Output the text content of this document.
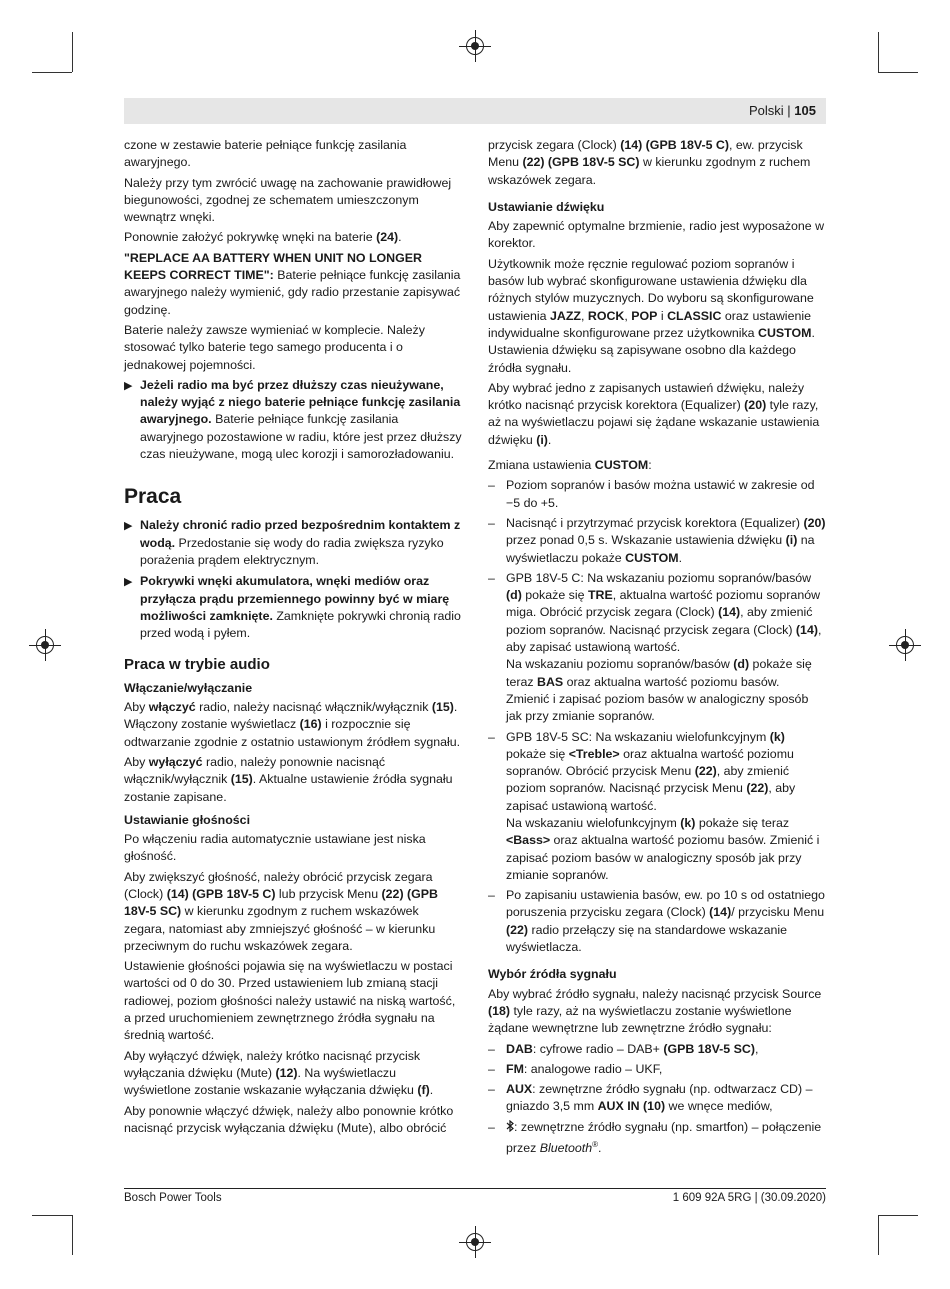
Polski | 105

czone w zestawie baterie pełniące funkcję zasilania awaryjnego.

Należy przy tym zwrócić uwagę na zachowanie prawidłowej biegunowości, zgodnej ze schematem umieszczonym wewnątrz wnęki.

Ponownie założyć pokrywkę wnęki na baterie (24).

"REPLACE AA BATTERY WHEN UNIT NO LONGER KEEPS CORRECT TIME": Baterie pełniące funkcję zasilania awaryjnego należy wymienić, gdy radio przestanie zapisywać godzinę.

Baterie należy zawsze wymieniać w komplecie. Należy stosować tylko baterie tego samego producenta i o jednakowej pojemności.

▶ Jeżeli radio ma być przez dłuższy czas nieużywane, należy wyjąć z niego baterie pełniące funkcję zasilania awaryjnego. Baterie pełniące funkcję zasilania awaryjnego pozostawione w radiu, które jest przez dłuższy czas nieużywane, mogą ulec korozji i samorozładowaniu.
Praca
▶ Należy chronić radio przed bezpośrednim kontaktem z wodą. Przedostanie się wody do radia zwiększa ryzyko porażenia prądem elektrycznym.
▶ Pokrywki wnęki akumulatora, wnęki mediów oraz przyłącza prądu przemiennego powinny być w miarę możliwości zamknięte. Zamknięte pokrywki chronią radio przed wodą i pyłem.
Praca w trybie audio
Włączanie/wyłączanie

Aby włączyć radio, należy nacisnąć włącznik/wyłącznik (15). Włączony zostanie wyświetlacz (16) i rozpocznie się odtwarzanie zgodnie z ostatnio ustawionym źródłem sygnału.

Aby wyłączyć radio, należy ponownie nacisnąć włącznik/wyłącznik (15). Aktualne ustawienie źródła sygnału zostanie zapisane.

Ustawianie głośności

Po włączeniu radia automatycznie ustawiane jest niska głośność.

Aby zwiększyć głośność, należy obrócić przycisk zegara (Clock) (14) (GPB 18V-5 C) lub przycisk Menu (22) (GPB 18V-5 SC) w kierunku zgodnym z ruchem wskazówek zegara, natomiast aby zmniejszyć głośność – w kierunku przeciwnym do ruchu wskazówek zegara.

Ustawienie głośności pojawia się na wyświetlaczu w postaci wartości od 0 do 30. Przed ustawieniem lub zmianą stacji radiowej, poziom głośności należy ustawić na niską wartość, a przed uruchomieniem zewnętrznego źródła sygnału na średnią wartość.

Aby wyłączyć dźwięk, należy krótko nacisnąć przycisk wyłączania dźwięku (Mute) (12). Na wyświetlaczu wyświetlone zostanie wskazanie wyłączania dźwięku (f).

Aby ponownie włączyć dźwięk, należy albo ponownie krótko nacisnąć przycisk wyłączania dźwięku (Mute), albo obrócić

przycisk zegara (Clock) (14) (GPB 18V-5 C), ew. przycisk Menu (22) (GPB 18V-5 SC) w kierunku zgodnym z ruchem wskazówek zegara.

Ustawianie dźwięku

Aby zapewnić optymalne brzmienie, radio jest wyposażone w korektor.

Użytkownik może ręcznie regulować poziom sopranów i basów lub wybrać skonfigurowane ustawienia dźwięku dla różnych stylów muzycznych. Do wyboru są skonfigurowane ustawienia JAZZ, ROCK, POP i CLASSIC oraz ustawienie indywidualne skonfigurowane przez użytkownika CUSTOM. Ustawienia dźwięku są zapisywane osobno dla każdego źródła sygnału.

Aby wybrać jedno z zapisanych ustawień dźwięku, należy krótko nacisnąć przycisk korektora (Equalizer) (20) tyle razy, aż na wyświetlaczu pojawi się żądane wskazanie ustawienia dźwięku (i).

Zmiana ustawienia CUSTOM:

– Poziom sopranów i basów można ustawić w zakresie od −5 do +5.
– Nacisnąć i przytrzymać przycisk korektora (Equalizer) (20) przez ponad 0,5 s. Wskazanie ustawienia dźwięku (i) na wyświetlaczu pokaże CUSTOM.
– GPB 18V-5 C: Na wskazaniu poziomu sopranów/basów (d) pokaże się TRE, aktualna wartość poziomu sopranów miga. Obrócić przycisk zegara (Clock) (14), aby zmienić poziom sopranów. Nacisnąć przycisk zegara (Clock) (14), aby zapisać ustawioną wartość.
Na wskazaniu poziomu sopranów/basów (d) pokaże się teraz BAS oraz aktualna wartość poziomu basów. Zmienić i zapisać poziom basów w analogiczny sposób jak przy zmianie sopranów.
– GPB 18V-5 SC: Na wskazaniu wielofunkcyjnym (k) pokaże się <Treble> oraz aktualna wartość poziomu sopranów. Obrócić przycisk Menu (22), aby zmienić poziom sopranów. Nacisnąć przycisk Menu (22), aby zapisać ustawioną wartość.
Na wskazaniu wielofunkcyjnym (k) pokaże się teraz <Bass> oraz aktualna wartość poziomu basów. Zmienić i zapisać poziom basów w analogiczny sposób jak przy zmianie sopranów.
– Po zapisaniu ustawienia basów, ew. po 10 s od ostatniego poruszenia przycisku zegara (Clock) (14)/ przycisku Menu (22) radio przełączy się na standardowe wskazanie wyświetlacza.
Wybór źródła sygnału

Aby wybrać źródło sygnału, należy nacisnąć przycisk Source (18) tyle razy, aż na wyświetlaczu zostanie wyświetlone żądane wewnętrzne lub zewnętrzne źródło sygnału:

– DAB: cyfrowe radio – DAB+ (GPB 18V-5 SC),
– FM: analogowe radio – UKF,
– AUX: zewnętrzne źródło sygnału (np. odtwarzacz CD) – gniazdo 3,5 mm AUX IN (10) we wnęce mediów,
– : zewnętrzne źródło sygnału (np. smartfon) – połączenie przez Bluetooth®.
Bosch Power Tools	1 609 92A 5RG | (30.09.2020)
